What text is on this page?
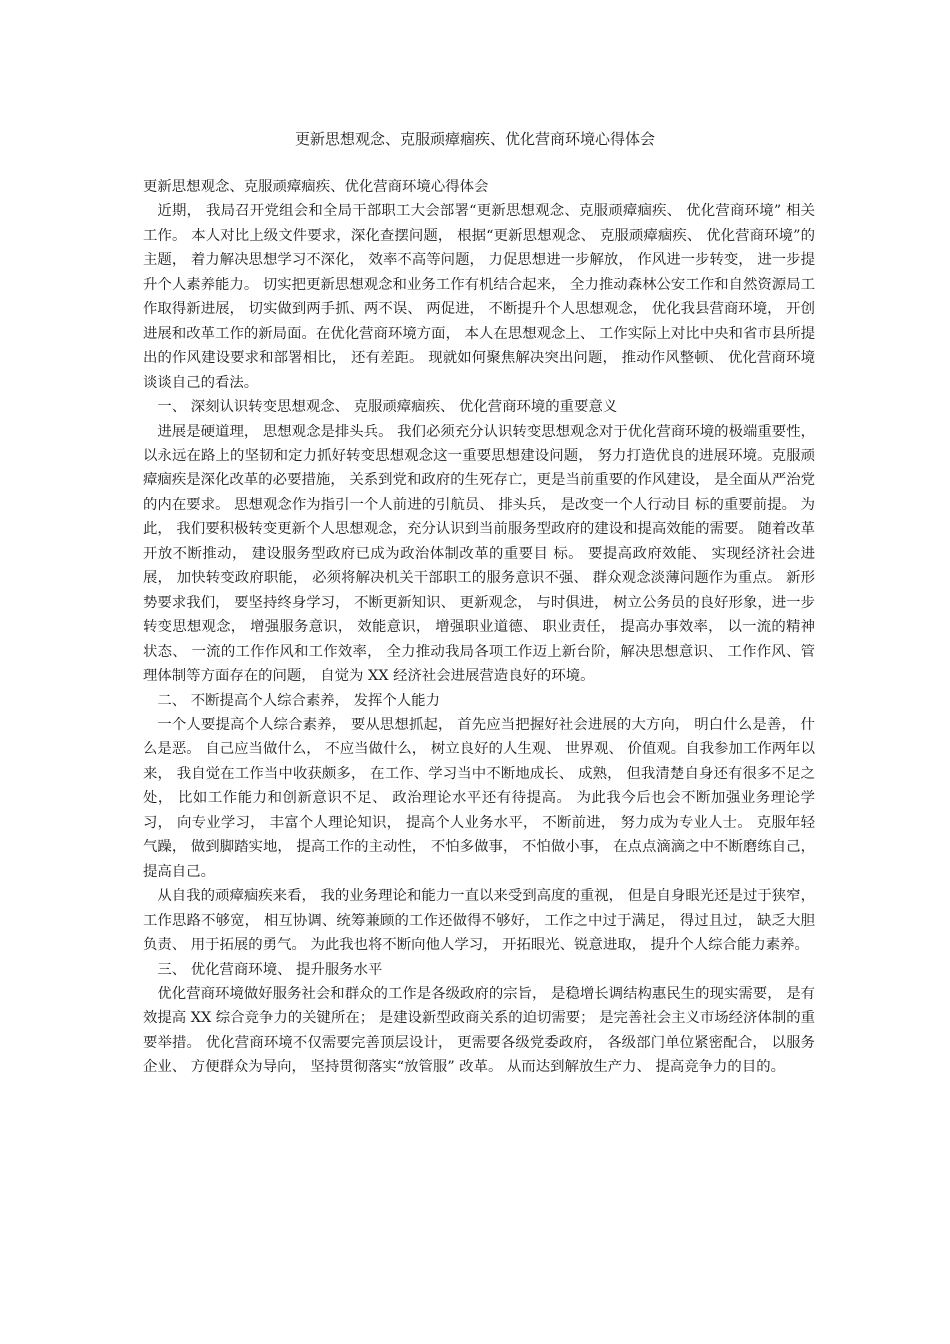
更新思想观念、克服顽瘴痼疾、优化营商环境心得体会

更新思想观念、克服顽瘴痼疾、优化营商环境心得体会

近期， 我局召开党组会和全局干部职工大会部署“更新思想观念、克服顽瘴痼疾、 优化营商环境” 相关工作。 本人对比上级文件要求，深化查摆问题， 根据“更新思想观念、 克服顽瘴痼疾、 优化营商环境”的主题， 着力解决思想学习不深化， 效率不高等问题， 力促思想进一步解放， 作风进一步转变， 进一步提升个人素养能力。 切实把更新思想观念和业务工作有机结合起来， 全力推动森林公安工作和自然资源局工作取得新进展， 切实做到两手抓、两不误、 两促进， 不断提升个人思想观念， 优化我县营商环境， 开创进展和改革工作的新局面。在优化营商环境方面， 本人在思想观念上、 工作实际上对比中央和省市县所提出的作风建设要求和部署相比， 还有差距。 现就如何聚焦解决突出问题， 推动作风整顿、 优化营商环境谈谈自己的看法。

一、 深刻认识转变思想观念、 克服顽瘴痼疾、 优化营商环境的重要意义

进展是硬道理， 思想观念是排头兵。 我们必须充分认识转变思想观念对于优化营商环境的极端重要性， 以永远在路上的坚韧和定力抓好转变思想观念这一重要思想建设问题， 努力打造优良的进展环境。克服顽瘴痼疾是深化改革的必要措施， 关系到党和政府的生死存亡，更是当前重要的作风建设， 是全面从严治党的内在要求。 思想观念作为指引一个人前进的引航员、 排头兵， 是改变一个人行动目 标的重要前提。 为此， 我们要积极转变更新个人思想观念，充分认识到当前服务型政府的建设和提高效能的需要。 随着改革开放不断推动， 建设服务型政府已成为政治体制改革的重要目 标。 要提高政府效能、 实现经济社会进展， 加快转变政府职能， 必须将解决机关干部职工的服务意识不强、 群众观念淡薄问题作为重点。 新形势要求我们， 要坚持终身学习， 不断更新知识、 更新观念， 与时俱进， 树立公务员的良好形象，进一步转变思想观念， 增强服务意识， 效能意识， 增强职业道德、 职业责任， 提高办事效率， 以一流的精神状态、 一流的工作作风和工作效率， 全力推动我局各项工作迈上新台阶，解决思想意识、 工作作风、管理体制等方面存在的问题， 自觉为 XX 经济社会进展营造良好的环境。

二、 不断提高个人综合素养， 发挥个人能力

一个人要提高个人综合素养， 要从思想抓起， 首先应当把握好社会进展的大方向， 明白什么是善， 什么是恶。 自己应当做什么， 不应当做什么， 树立良好的人生观、 世界观、 价值观。自我参加工作两年以来， 我自觉在工作当中收获颇多， 在工作、学习当中不断地成长、 成熟， 但我清楚自身还有很多不足之处， 比如工作能力和创新意识不足、 政治理论水平还有待提高。 为此我今后也会不断加强业务理论学习， 向专业学习， 丰富个人理论知识， 提高个人业务水平， 不断前进， 努力成为专业人士。 克服年轻气躁， 做到脚踏实地， 提高工作的主动性， 不怕多做事， 不怕做小事， 在点点滴滴之中不断磨练自己， 提高自己。

从自我的顽瘴痼疾来看， 我的业务理论和能力一直以来受到高度的重视， 但是自身眼光还是过于狭窄， 工作思路不够宽， 相互协调、统筹兼顾的工作还做得不够好， 工作之中过于满足， 得过且过， 缺乏大胆负责、 用于拓展的勇气。 为此我也将不断向他人学习， 开拓眼光、锐意进取， 提升个人综合能力素养。

三、 优化营商环境、 提升服务水平

优化营商环境做好服务社会和群众的工作是各级政府的宗旨， 是稳增长调结构惠民生的现实需要， 是有效提高 XX 综合竞争力的关键所在； 是建设新型政商关系的迫切需要； 是完善社会主义市场经济体制的重要举措。 优化营商环境不仅需要完善顶层设计， 更需要各级党委政府， 各级部门单位紧密配合， 以服务企业、 方便群众为导向， 坚持贯彻落实“放管服” 改革。 从而达到解放生产力、 提高竞争力的目的。
